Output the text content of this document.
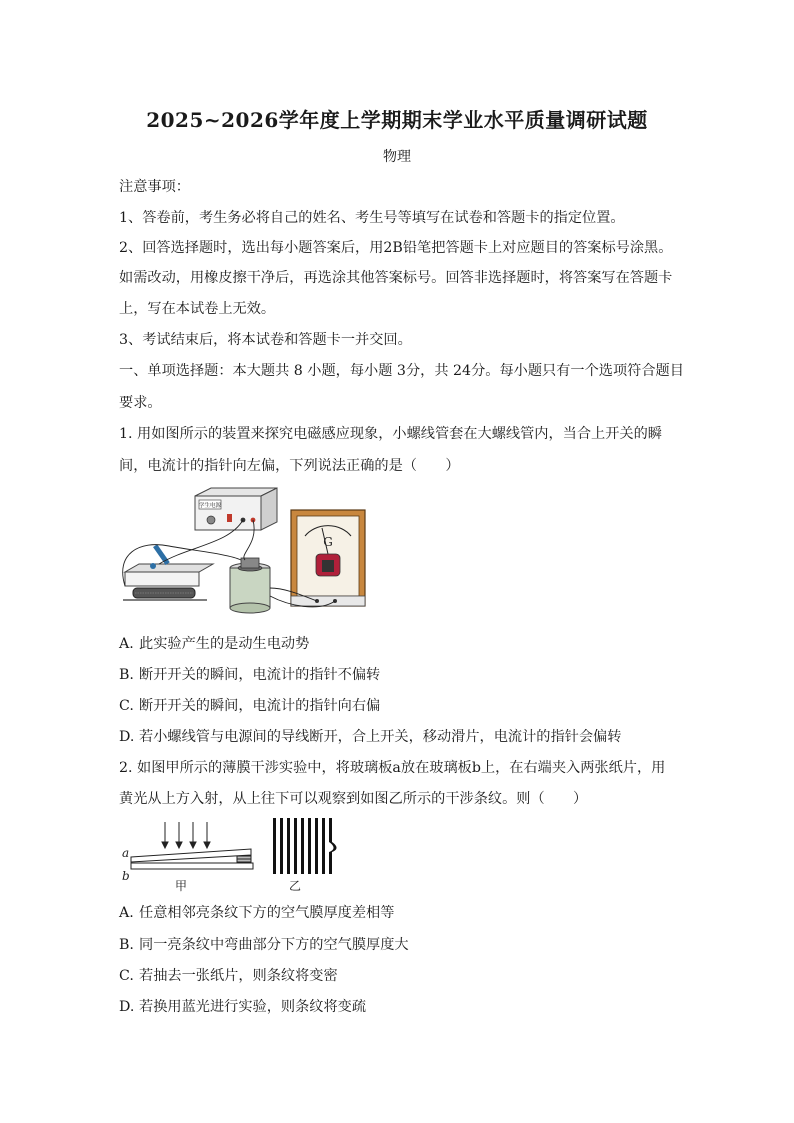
2025~2026学年度上学期期末学业水平质量调研试题
物理
注意事项：
1、答卷前，考生务必将自己的姓名、考生号等填写在试卷和答题卡的指定位置。
2、回答选择题时，选出每小题答案后，用2B铅笔把答题卡上对应题目的答案标号涂黑。
如需改动，用橡皮擦干净后，再选涂其他答案标号。回答非选择题时，将答案写在答题卡
上，写在本试卷上无效。
3、考试结束后，将本试卷和答题卡一并交回。
一、单项选择题：本大题共 8 小题，每小题 3分，共 24分。每小题只有一个选项符合题目
要求。
1. 用如图所示的装置来探究电磁感应现象，小螺线管套在大螺线管内，当合上开关的瞬
间，电流计的指针向左偏，下列说法正确的是（　　）
学生电源
G
A. 此实验产生的是动生电动势
B. 断开开关的瞬间，电流计的指针不偏转
C. 断开开关的瞬间，电流计的指针向右偏
D. 若小螺线管与电源间的导线断开，合上开关，移动滑片，电流计的指针会偏转
2. 如图甲所示的薄膜干涉实验中，将玻璃板a放在玻璃板b上，在右端夹入两张纸片，用
黄光从上方入射，从上往下可以观察到如图乙所示的干涉条纹。则（　　）
a
b
甲	乙
A. 任意相邻亮条纹下方的空气膜厚度差相等
B. 同一亮条纹中弯曲部分下方的空气膜厚度大
C. 若抽去一张纸片，则条纹将变密
D. 若换用蓝光进行实验，则条纹将变疏
